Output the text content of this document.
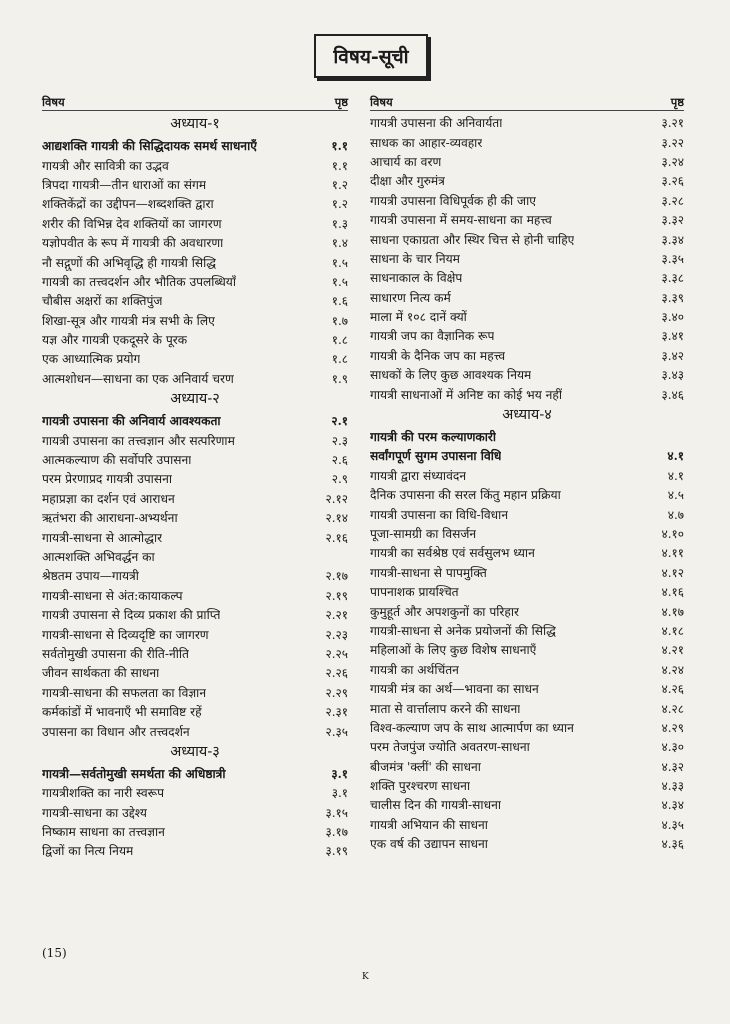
विषय-सूची
विषय	पृष्ठ
अध्याय-१
आद्यशक्ति गायत्री की सिद्धिदायक समर्थ साधनाएँ	१.१
गायत्री और सावित्री का उद्भव	१.१
त्रिपदा गायत्री—तीन धाराओं का संगम	१.२
शक्तिकेंद्रों का उद्दीपन—शब्दशक्ति द्वारा	१.२
शरीर की विभिन्न देव शक्तियों का जागरण	१.३
यज्ञोपवीत के रूप में गायत्री की अवधारणा	१.४
नौ सद्गुणों की अभिवृद्धि ही गायत्री सिद्धि	१.५
गायत्री का तत्त्वदर्शन और भौतिक उपलब्धियाँ	१.५
चौबीस अक्षरों का शक्तिपुंज	१.६
शिखा-सूत्र और गायत्री मंत्र सभी के लिए	१.७
यज्ञ और गायत्री एकदूसरे के पूरक	१.८
एक आध्यात्मिक प्रयोग	१.८
आत्मशोधन—साधना का एक अनिवार्य चरण	१.९
अध्याय-२
गायत्री उपासना की अनिवार्य आवश्यकता	२.१
गायत्री उपासना का तत्त्वज्ञान और सत्परिणाम	२.३
आत्मकल्याण की सर्वोपरि उपासना	२.६
परम प्रेरणाप्रद गायत्री उपासना	२.९
महाप्रज्ञा का दर्शन एवं आराधन	२.१२
ऋतंभरा की आराधना-अभ्यर्थना	२.१४
गायत्री-साधना से आत्मोद्धार	२.१६
आत्मशक्ति अभिवर्द्धन का
श्रेष्ठतम उपाय—गायत्री	२.१७
गायत्री-साधना से अंत:कायाकल्प	२.१९
गायत्री उपासना से दिव्य प्रकाश की प्राप्ति	२.२१
गायत्री-साधना से दिव्यदृष्टि का जागरण	२.२३
सर्वतोमुखी उपासना की रीति-नीति	२.२५
जीवन सार्थकता की साधना	२.२६
गायत्री-साधना की सफलता का विज्ञान	२.२९
कर्मकांडों में भावनाएँ भी समाविष्ट रहें	२.३१
उपासना का विधान और तत्त्वदर्शन	२.३५
अध्याय-३
गायत्री—सर्वतोमुखी समर्थता की अधिष्ठात्री	३.१
गायत्रीशक्ति का नारी स्वरूप	३.१
गायत्री-साधना का उद्देश्य	३.१५
निष्काम साधना का तत्त्वज्ञान	३.१७
द्विजों का नित्य नियम	३.१९
विषय	पृष्ठ
गायत्री उपासना की अनिवार्यता	३.२१
साधक का आहार-व्यवहार	३.२२
आचार्य का वरण	३.२४
दीक्षा और गुरुमंत्र	३.२६
गायत्री उपासना विधिपूर्वक ही की जाए	३.२८
गायत्री उपासना में समय-साधना का महत्त्व	३.३२
साधना एकाग्रता और स्थिर चित्त से होनी चाहिए	३.३४
साधना के चार नियम	३.३५
साधनाकाल के विक्षेप	३.३८
साधारण नित्य कर्म	३.३९
माला में १०८ दानें क्यों	३.४०
गायत्री जप का वैज्ञानिक रूप	३.४१
गायत्री के दैनिक जप का महत्त्व	३.४२
साधकों के लिए कुछ आवश्यक नियम	३.४३
गायत्री साधनाओं में अनिष्ट का कोई भय नहीं	३.४६
अध्याय-४
गायत्री की परम कल्याणकारी
सर्वांगपूर्ण सुगम उपासना विधि	४.१
गायत्री द्वारा संध्यावंदन	४.१
दैनिक उपासना की सरल किंतु महान प्रक्रिया	४.५
गायत्री उपासना का विधि-विधान	४.७
पूजा-सामग्री का विसर्जन	४.१०
गायत्री का सर्वश्रेष्ठ एवं सर्वसुलभ ध्यान	४.११
गायत्री-साधना से पापमुक्ति	४.१२
पापनाशक प्रायश्चित	४.१६
कुमुहूर्त और अपशकुनों का परिहार	४.१७
गायत्री-साधना से अनेक प्रयोजनों की सिद्धि	४.१८
महिलाओं के लिए कुछ विशेष साधनाएँ	४.२१
गायत्री का अर्थचिंतन	४.२४
गायत्री मंत्र का अर्थ—भावना का साधन	४.२६
माता से वार्त्तालाप करने की साधना	४.२८
विश्व-कल्याण जप के साथ आत्मार्पण का ध्यान	४.२९
परम तेजपुंज ज्योति अवतरण-साधना	४.३०
बीजमंत्र 'क्लीं' की साधना	४.३२
शक्ति पुरश्चरण साधना	४.३३
चालीस दिन की गायत्री-साधना	४.३४
गायत्री अभियान की साधना	४.३५
एक वर्ष की उद्यापन साधना	४.३६
(15)
K
